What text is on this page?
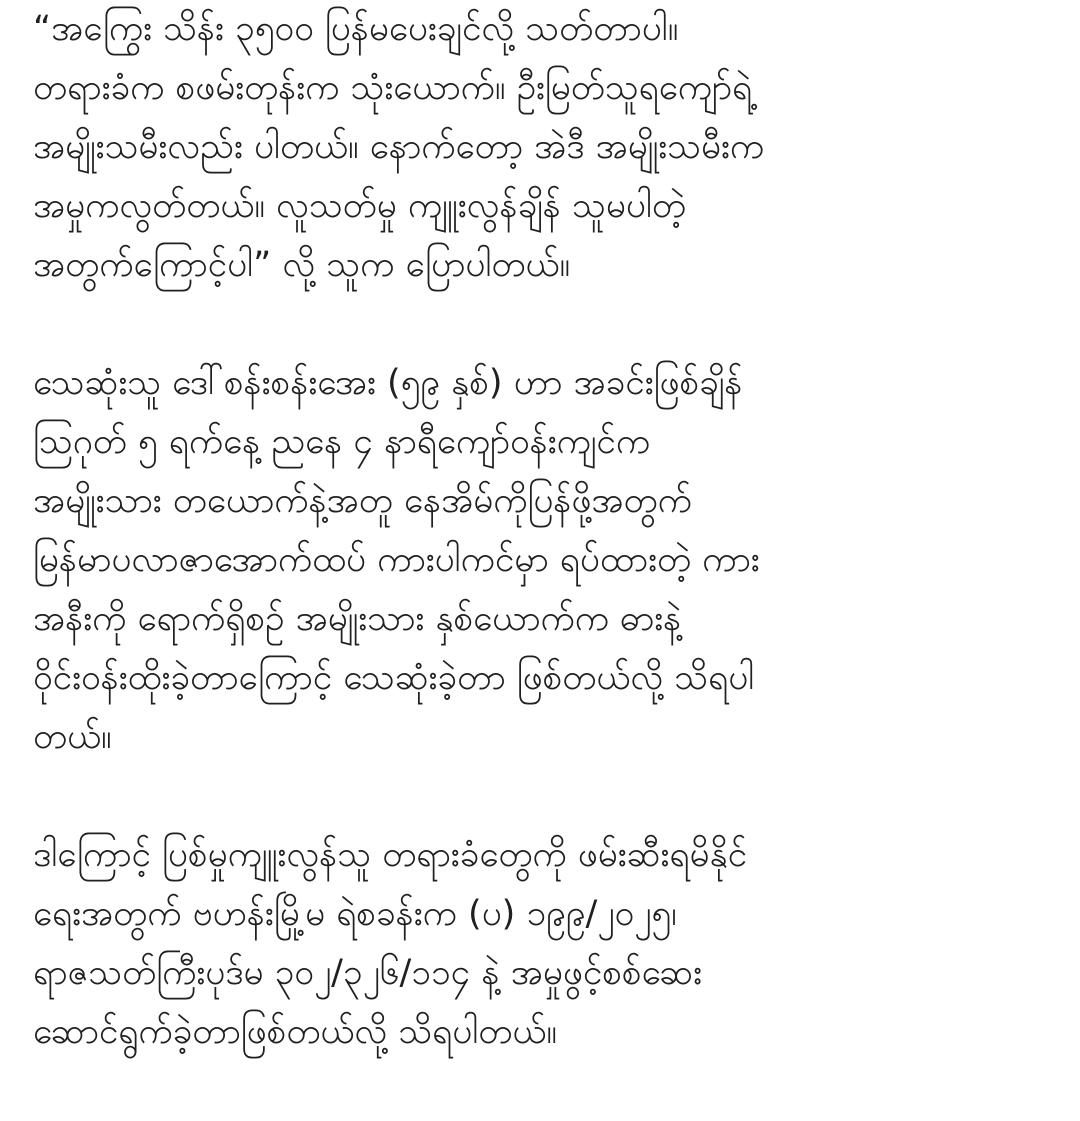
“အကြွေး သိန်း ၃၅၀၀ ပြန်မပေးချင်လို့ သတ်တာပါ။
တရားခံက စဖမ်းတုန်းက သုံးယောက်။ ဦးမြတ်သူရကျော်ရဲ့
အမျိုးသမီးလည်း ပါတယ်။ နောက်တော့ အဲဒီ အမျိုးသမီးက
အမှုကလွတ်တယ်။ လူသတ်မှု ကျူးလွန်ချိန် သူမပါတဲ့
အတွက်ကြောင့်ပါ” လို့ သူက ပြောပါတယ်။
သေဆုံးသူ ဒေါ်စန်းစန်းအေး (၅၉ နှစ်) ဟာ အခင်းဖြစ်ချိန်
ဩဂုတ် ၅ ရက်နေ့ ညနေ ၄ နာရီကျော်ဝန်းကျင်က
အမျိုးသား တယောက်နဲ့အတူ နေအိမ်ကိုပြန်ဖို့အတွက်
မြန်မာပလာဇာအောက်ထပ် ကားပါကင်မှာ ရပ်ထားတဲ့ ကား
အနီးကို ရောက်ရှိစဉ် အမျိုးသား နှစ်ယောက်က ဓားနဲ့
ဝိုင်းဝန်းထိုးခဲ့တာကြောင့် သေဆုံးခဲ့တာ ဖြစ်တယ်လို့ သိရပါ
တယ်။
ဒါကြောင့် ပြစ်မှုကျူးလွန်သူ တရားခံတွေကို ဖမ်းဆီးရမိနိုင်
ရေးအတွက် ဗဟန်းမြို့မ ရဲစခန်းက (ပ) ၁၉၉/၂၀၂၅၊
ရာဇသတ်ကြီးပုဒ်မ ၃၀၂/၃၂၆/၁၁၄ နဲ့ အမှုဖွင့်စစ်ဆေး
ဆောင်ရွက်ခဲ့တာဖြစ်တယ်လို့ သိရပါတယ်။
